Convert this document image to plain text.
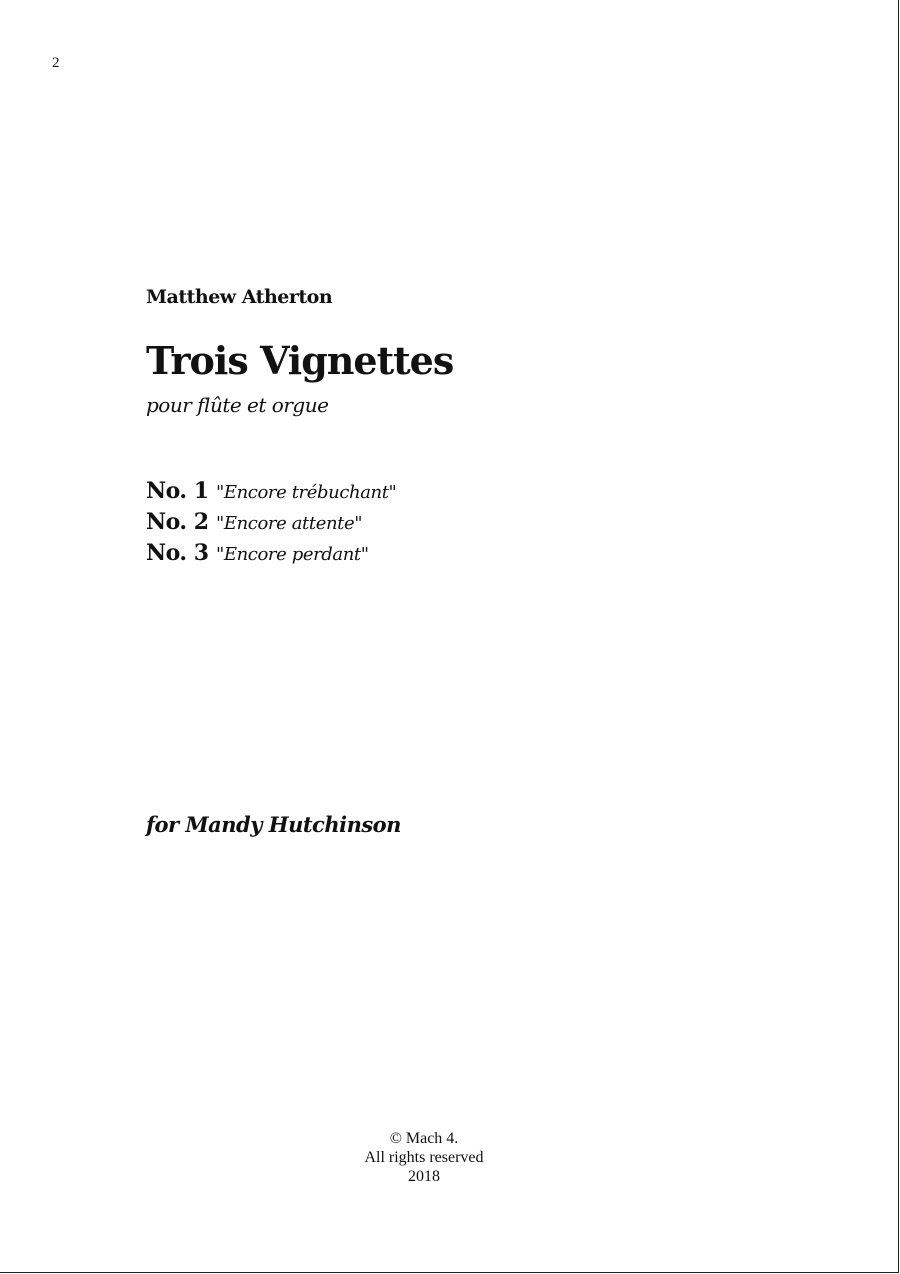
2
Matthew Atherton
Trois Vignettes
pour flûte et orgue
No. 1 "Encore trébuchant"
No. 2 "Encore attente"
No. 3 "Encore perdant"
for Mandy Hutchinson
© Mach 4.
All rights reserved
2018
